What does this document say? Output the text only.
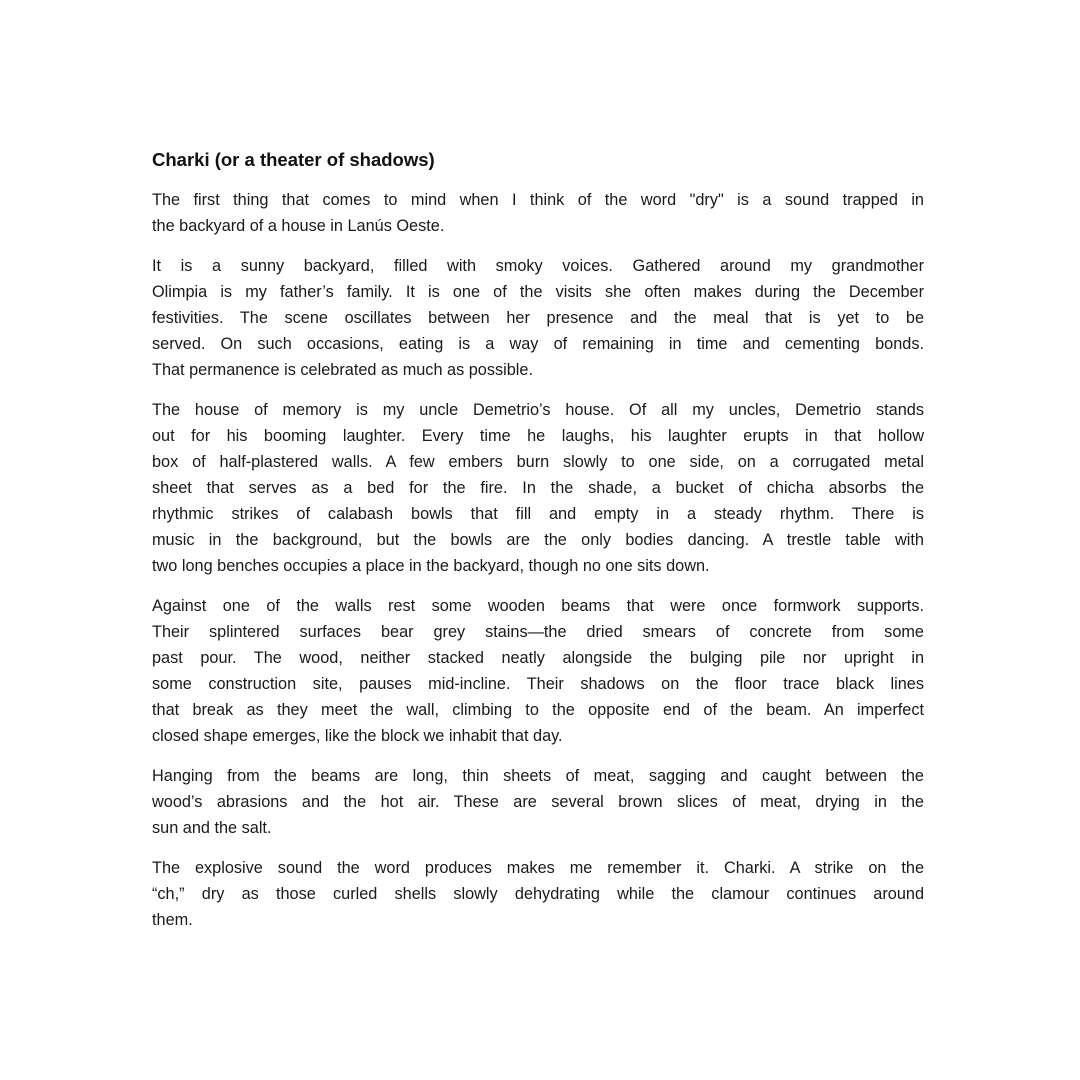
Charki (or a theater of shadows)
The first thing that comes to mind when I think of the word "dry" is a sound trapped in
the backyard of a house in Lanús Oeste.
It is a sunny backyard, filled with smoky voices. Gathered around my grandmother
Olimpia is my father’s family. It is one of the visits she often makes during the December
festivities. The scene oscillates between her presence and the meal that is yet to be
served. On such occasions, eating is a way of remaining in time and cementing bonds.
That permanence is celebrated as much as possible.
The house of memory is my uncle Demetrio’s house. Of all my uncles, Demetrio stands
out for his booming laughter. Every time he laughs, his laughter erupts in that hollow
box of half-plastered walls. A few embers burn slowly to one side, on a corrugated metal
sheet that serves as a bed for the fire. In the shade, a bucket of chicha absorbs the
rhythmic strikes of calabash bowls that fill and empty in a steady rhythm. There is
music in the background, but the bowls are the only bodies dancing. A trestle table with
two long benches occupies a place in the backyard, though no one sits down.
Against one of the walls rest some wooden beams that were once formwork supports.
Their splintered surfaces bear grey stains—the dried smears of concrete from some
past pour. The wood, neither stacked neatly alongside the bulging pile nor upright in
some construction site, pauses mid-incline. Their shadows on the floor trace black lines
that break as they meet the wall, climbing to the opposite end of the beam. An imperfect
closed shape emerges, like the block we inhabit that day.
Hanging from the beams are long, thin sheets of meat, sagging and caught between the
wood’s abrasions and the hot air. These are several brown slices of meat, drying in the
sun and the salt.
The explosive sound the word produces makes me remember it. Charki. A strike on the
“ch,” dry as those curled shells slowly dehydrating while the clamour continues around
them.
